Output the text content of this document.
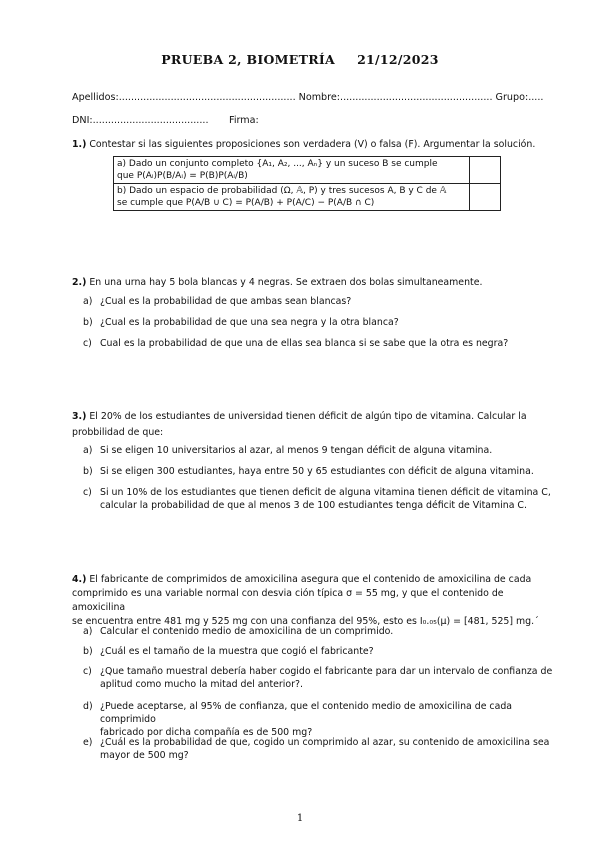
PRUEBA 2, BIOMETRÍA 21/12/2023
Apellidos:.......................................................... Nombre:.................................................. Grupo:.....
DNI:...................................... Firma:
1.) Contestar si las siguientes proposiciones son verdadera (V) o falsa (F). Argumentar la solución.
a) Dado un conjunto completo {A₁, A₂, ..., Aₙ} y un suceso B se cumple
que P(Aᵢ)P(B/Aᵢ) = P(B)P(Aᵢ/B)	

b) Dado un espacio de probabilidad (Ω, 𝔸, P) y tres sucesos A, B y C de 𝔸
se cumple que P(A/B ∪ C) = P(A/B) + P(A/C) − P(A/B ∩ C)	

2.) En una urna hay 5 bola blancas y 4 negras. Se extraen dos bolas simultaneamente.
a) ¿Cual es la probabilidad de que ambas sean blancas?
b) ¿Cual es la probabilidad de que una sea negra y la otra blanca?
c) Cual es la probabilidad de que una de ellas sea blanca si se sabe que la otra es negra?
3.) El 20% de los estudiantes de universidad tienen déficit de algún tipo de vitamina. Calcular la
probbilidad de que:
a) Si se eligen 10 universitarios al azar, al menos 9 tengan déficit de alguna vitamina.
b) Si se eligen 300 estudiantes, haya entre 50 y 65 estudiantes con déficit de alguna vitamina.
c) Si un 10% de los estudiantes que tienen deficit de alguna vitamina tienen déficit de vitamina C,
calcular la probabilidad de que al menos 3 de 100 estudiantes tenga déficit de Vitamina C.
4.) El fabricante de comprimidos de amoxicilina asegura que el contenido de amoxicilina de cada
comprimido es una variable normal con desvia ción típica σ = 55 mg, y que el contenido de amoxicilina
se encuentra entre 481 mg y 525 mg con una confianza del 95%, esto es I₀.₀₅(μ) = [481, 525] mg.´
a) Calcular el contenido medio de amoxicilina de un comprimido.
b) ¿Cuál es el tamaño de la muestra que cogió el fabricante?
c) ¿Que tamaño muestral debería haber cogido el fabricante para dar un intervalo de confianza de
aplitud como mucho la mitad del anterior?.
d) ¿Puede aceptarse, al 95% de confianza, que el contenido medio de amoxicilina de cada comprimido
fabricado por dicha compañía es de 500 mg?
e) ¿Cuál es la probabilidad de que, cogido un comprimido al azar, su contenido de amoxicilina sea
mayor de 500 mg?
1
